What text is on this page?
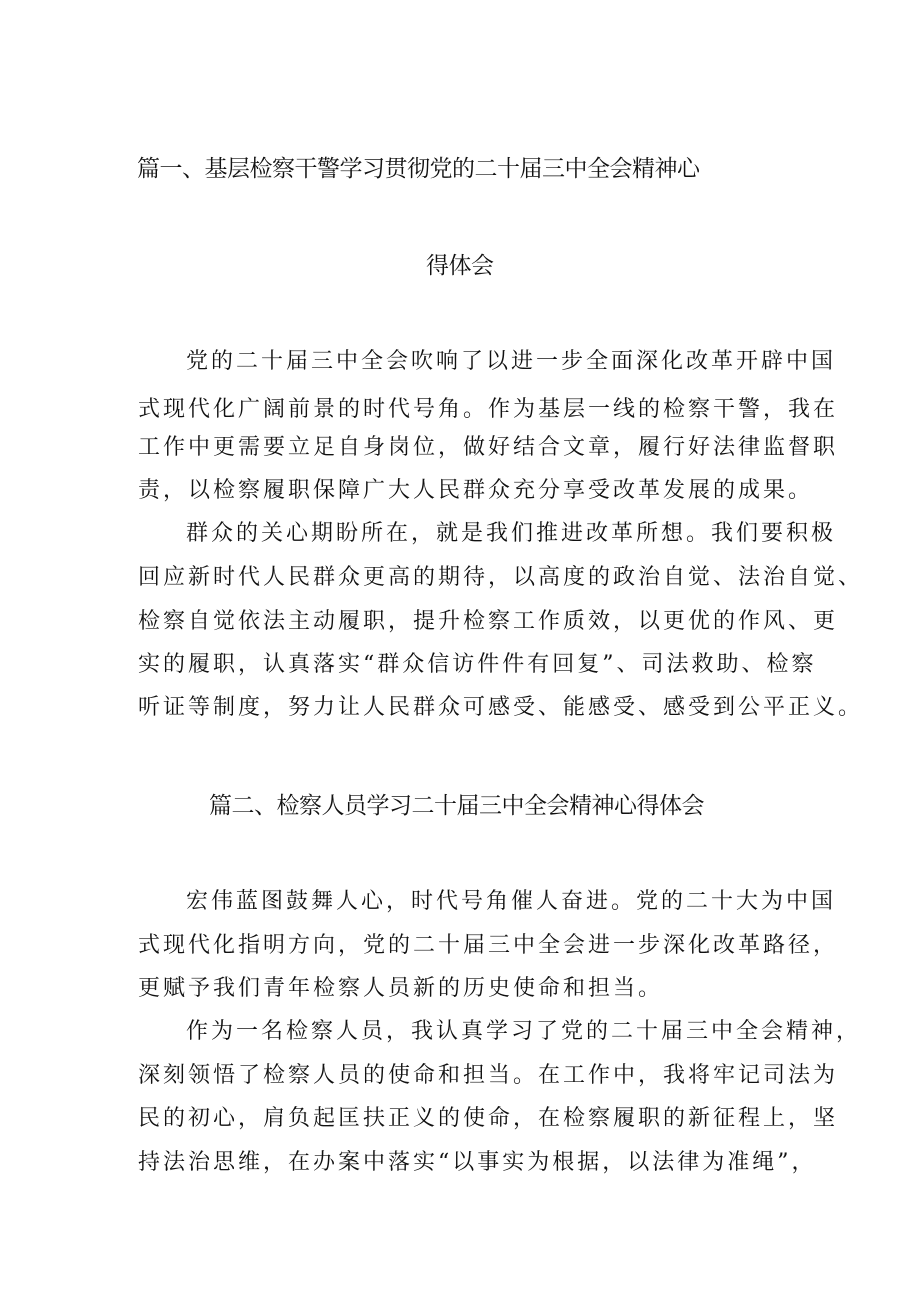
篇一、基层检察干警学习贯彻党的二十届三中全会精神心
得体会
党的二十届三中全会吹响了以进一步全面深化改革开辟中国
式现代化广阔前景的时代号角。作为基层一线的检察干警，我在
工作中更需要立足自身岗位，做好结合文章，履行好法律监督职
责，以检察履职保障广大人民群众充分享受改革发展的成果。
群众的关心期盼所在，就是我们推进改革所想。我们要积极
回应新时代人民群众更高的期待，以高度的政治自觉、法治自觉、
检察自觉依法主动履职，提升检察工作质效，以更优的作风、更
实的履职，认真落实“群众信访件件有回复”、司法救助、检察
听证等制度，努力让人民群众可感受、能感受、感受到公平正义。
篇二、检察人员学习二十届三中全会精神心得体会
宏伟蓝图鼓舞人心，时代号角催人奋进。党的二十大为中国
式现代化指明方向，党的二十届三中全会进一步深化改革路径，
更赋予我们青年检察人员新的历史使命和担当。
作为一名检察人员，我认真学习了党的二十届三中全会精神，
深刻领悟了检察人员的使命和担当。在工作中，我将牢记司法为
民的初心，肩负起匡扶正义的使命，在检察履职的新征程上，坚
持法治思维，在办案中落实“以事实为根据，以法律为准绳”，
